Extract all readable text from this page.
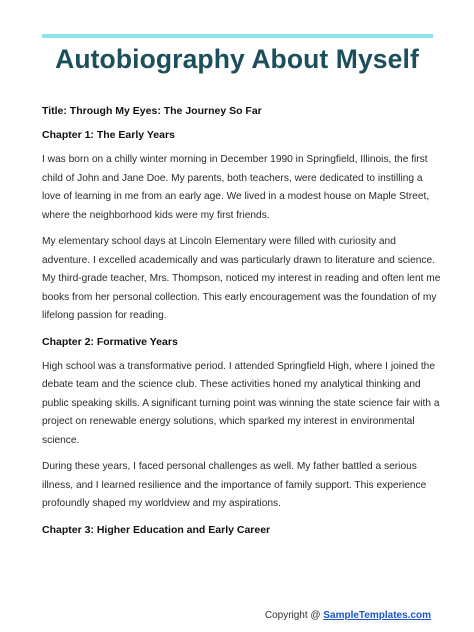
Autobiography About Myself

Title: Through My Eyes: The Journey So Far

Chapter 1: The Early Years

I was born on a chilly winter morning in December 1990 in Springfield, Illinois, the first child of John and Jane Doe. My parents, both teachers, were dedicated to instilling a love of learning in me from an early age. We lived in a modest house on Maple Street, where the neighborhood kids were my first friends.

My elementary school days at Lincoln Elementary were filled with curiosity and adventure. I excelled academically and was particularly drawn to literature and science. My third-grade teacher, Mrs. Thompson, noticed my interest in reading and often lent me books from her personal collection. This early encouragement was the foundation of my lifelong passion for reading.

Chapter 2: Formative Years

High school was a transformative period. I attended Springfield High, where I joined the debate team and the science club. These activities honed my analytical thinking and public speaking skills. A significant turning point was winning the state science fair with a project on renewable energy solutions, which sparked my interest in environmental science.

During these years, I faced personal challenges as well. My father battled a serious illness, and I learned resilience and the importance of family support. This experience profoundly shaped my worldview and my aspirations.

Chapter 3: Higher Education and Early Career

Copyright @ SampleTemplates.com
